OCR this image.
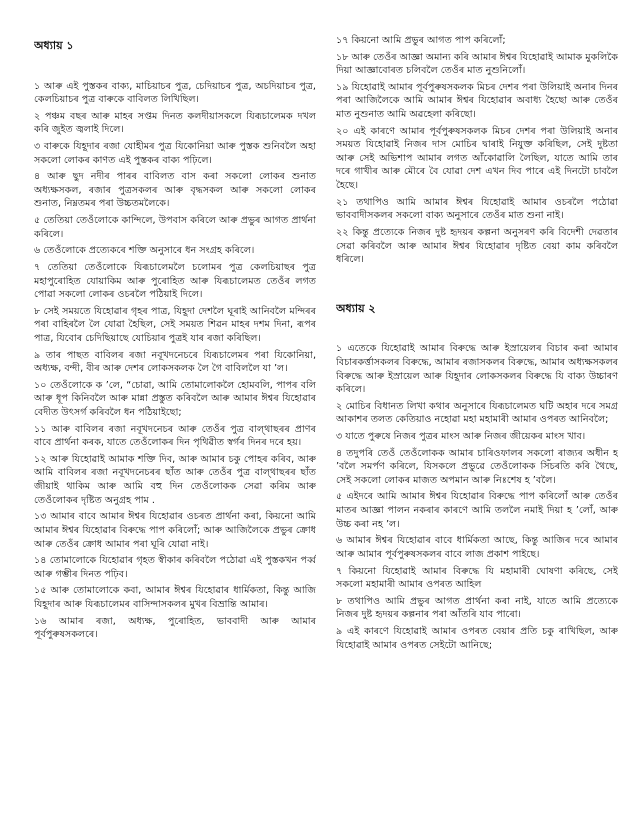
অধ্যায় ১

১ আৰু এই পুস্তকৰ বাক্য, মাচিয়াচৰ পুত্ৰ, চেদিয়াচৰ পুত্ৰ, অচদিয়াচৰ পুত্ৰ, কেলচিয়াচৰ পুত্ৰ বাৰুকে বাবিলত লিখিছিল।

২ পঞ্চম বছৰ আৰু মাহৰ সপ্তম দিনত কলদীয়াসকলে যিৰূচালেমক দখল কৰি জুইত জ্বলাই দিলে।

৩ বাৰুকে যিহূদাৰ ৰজা যোহীমৰ পুত্ৰ যিকোনিয়া আৰু পুস্তক শুনিবলৈ অহা সকলো লোকৰ কাণত এই পুস্তকৰ বাক্য পঢ়িলে।

৪ আৰু ছুদ নদীৰ পাৰৰ বাবিলত বাস কৰা সকলো লোকৰ শুনাত অধ্যক্ষসকল, ৰজাৰ পুত্ৰসকলৰ আৰু বৃদ্ধসকল আৰু সকলো লোকৰ শুনাত, নিম্নতমৰ পৰা উচ্চতমলৈকে।

৫ তেতিয়া তেওঁলোকে কান্দিলে, উপবাস কৰিলে আৰু প্ৰভুৰ আগত প্ৰাৰ্থনা কৰিলে।

৬ তেওঁলোকে প্ৰত্যেকৰে শক্তি অনুসাৰে ধন সংগ্ৰহ কৰিলে।

৭ তেতিয়া তেওঁলোকে যিৰূচালেমলৈ চলোমৰ পুত্ৰ কেলচিয়াছৰ পুত্ৰ মহাপুৰোহিত যোয়াকিম আৰু পুৰোহিত আৰু যিৰূচালেমত তেওঁৰ লগত পোৱা সকলো লোকৰ ওচৰলৈ পঠিয়াই দিলে।

৮ সেই সময়তে যিহোৱাৰ গৃহৰ পাত্ৰ, যিহূদা দেশলৈ ঘূৰাই আনিবলৈ মন্দিৰৰ পৰা বাহিৰলৈ লৈ যোৱা হৈছিল, সেই সময়ত শিৱন মাহৰ দশম দিনা, ৰূপৰ পাত্ৰ, যিবোৰ চেদিছিয়াছে যোচিয়াৰ পুত্ৰই যাৰ ৰজা কৰিছিল।

৯ তাৰ পাছত বাবিলৰ ৰজা নবূখদনেচৰে যিৰূচালেমৰ পৰা যিকোনিয়া, অধ্যক্ষ, বন্দী, বীৰ আৰু দেশৰ লোকসকলক লৈ গৈ বাবিললৈ যা ’ল।

১০ তেওঁলোকে ক ’লে, “চোৱা, আমি তোমালোকলৈ হোমবলি, পাপৰ বলি আৰু ধূপ কিনিবলৈ আৰু মান্না প্ৰস্তুত কৰিবলৈ আৰু আমাৰ ঈশ্বৰ যিহোৱাৰ বেদীত উৎসৰ্গ কৰিবলৈ ধন পঠিয়াইছো;

১১ আৰু বাবিলৰ ৰজা নবূখদনেচৰ আৰু তেওঁৰ পুত্ৰ বাল্‌থাছৰৰ প্ৰাণৰ বাবে প্ৰাৰ্থনা কৰক, যাতে তেওঁলোকৰ দিন পৃথিৱীত স্বৰ্গৰ দিনৰ দৰে হয়।

১২ আৰু যিহোৱাই আমাক শক্তি দিব, আৰু আমাৰ চকু পোহৰ কৰিব, আৰু আমি বাবিলৰ ৰজা নবূখদনেচৰৰ ছাঁত আৰু তেওঁৰ পুত্ৰ বাল্‌থাছৰৰ ছাঁত জীয়াই থাকিম আৰু আমি বহু দিন তেওঁলোকক সেৱা কৰিম আৰু তেওঁলোকৰ দৃষ্টিত অনুগ্ৰহ পাম .

১৩ আমাৰ বাবে আমাৰ ঈশ্বৰ যিহোৱাৰ ওচৰত প্ৰাৰ্থনা কৰা, কিয়নো আমি আমাৰ ঈশ্বৰ যিহোৱাৰ বিৰুদ্ধে পাপ কৰিলোঁ; আৰু আজিলৈকে প্ৰভুৰ ক্ৰোধ আৰু তেওঁৰ ক্ৰোধ আমাৰ পৰা ঘূৰি যোৱা নাই।

১৪ তোমালোকে যিহোৱাৰ গৃহত স্বীকাৰ কৰিবলৈ পঠোৱা এই পুস্তকখন পৰ্ব্ব আৰু গম্ভীৰ দিনত পঢ়িব।

১৫ আৰু তোমালোকে কবা, আমাৰ ঈশ্বৰ যিহোৱাৰ ধাৰ্মিকতা, কিন্তু আজি যিহূদাৰ আৰু যিৰূচালেমৰ বাসিন্দাসকলৰ মুখৰ বিভ্ৰান্তি আমাৰ।

১৬ আমাৰ ৰজা, অধ্যক্ষ, পুৰোহিত, ভাববাদী আৰু আমাৰ পূৰ্বপুৰুষসকলৰে।

১৭ কিয়নো আমি প্ৰভুৰ আগত পাপ কৰিলোঁ;

১৮ আৰু তেওঁৰ আজ্ঞা অমান্য কৰি আমাৰ ঈশ্বৰ যিহোৱাই আমাক মুকলিকৈ দিয়া আজ্ঞাবোৰত চলিবলৈ তেওঁৰ মাত নুশুনিলোঁ।

১৯ যিহোৱাই আমাৰ পূৰ্বপুৰুষসকলক মিচৰ দেশৰ পৰা উলিয়াই অনাৰ দিনৰ পৰা আজিলৈকে আমি আমাৰ ঈশ্বৰ যিহোৱাৰ অবাধ্য হৈছো আৰু তেওঁৰ মাত নুশুনাত আমি অৱহেলা কৰিছো।

২০ এই কাৰণে আমাৰ পূৰ্বপুৰুষসকলক মিচৰ দেশৰ পৰা উলিয়াই অনাৰ সময়ত যিহোৱাই নিজৰ দাস মোচিৰ দ্বাৰাই নিযুক্ত কৰিছিল, সেই দুষ্টতা আৰু সেই অভিশাপ আমাৰ লগত আঁকোৱালি লৈছিল, যাতে আমি তাৰ দৰে গাখীৰ আৰু মৌৰে বৈ যোৱা দেশ এখন দিব পাৰে এই দিনটো চাবলৈ হৈছে।

২১ তথাপিও আমি আমাৰ ঈশ্বৰ যিহোৱাই আমাৰ ওচৰলৈ পঠোৱা ভাববাদীসকলৰ সকলো বাক্য অনুসাৰে তেওঁৰ মাত শুনা নাই।

২২ কিন্তু প্ৰত্যেকে নিজৰ দুষ্ট হৃদয়ৰ কল্পনা অনুসৰণ কৰি বিদেশী দেৱতাৰ সেৱা কৰিবলৈ আৰু আমাৰ ঈশ্বৰ যিহোৱাৰ দৃষ্টিত বেয়া কাম কৰিবলৈ ধৰিলে।

অধ্যায় ২

১ এতেকে যিহোৱাই আমাৰ বিৰুদ্ধে আৰু ইস্ৰায়েলৰ বিচাৰ কৰা আমাৰ বিচাৰকৰ্ত্তাসকলৰ বিৰুদ্ধে, আমাৰ ৰজাসকলৰ বিৰুদ্ধে, আমাৰ অধ্যক্ষসকলৰ বিৰুদ্ধে আৰু ইস্ৰায়েল আৰু যিহূদাৰ লোকসকলৰ বিৰুদ্ধে যি বাক্য উচ্চাৰণ কৰিলে।

২ মোচিৰ বিধানত লিখা কথাৰ অনুসাৰে যিৰূচালেমত ঘটি অহাৰ দৰে সমগ্ৰ আকাশৰ তলত কেতিয়াও নহোৱা মহা মহামাৰী আমাৰ ওপৰত আনিবলৈ;

৩ যাতে পুৰুষে নিজৰ পুত্ৰৰ মাংস আৰু নিজৰ জীয়েকৰ মাংস খাব।

৪ তদুপৰি তেওঁ তেওঁলোকক আমাৰ চাৰিওফালৰ সকলো ৰাজ্যৰ অধীন হ ’বলৈ সমৰ্পণ কৰিলে, যিসকলে প্ৰভুৱে তেওঁলোকক সিঁচৰতি কৰি থৈছে, সেই সকলো লোকৰ মাজত অপমান আৰু নিঃশেষ হ ’বলৈ।

৫ এইদৰে আমি আমাৰ ঈশ্বৰ যিহোৱাৰ বিৰুদ্ধে পাপ কৰিলোঁ আৰু তেওঁৰ মাতৰ আজ্ঞা পালন নকৰাৰ কাৰণে আমি তললৈ নমাই দিয়া হ ’লোঁ, আৰু উচ্চ কৰা নহ ’ল।

৬ আমাৰ ঈশ্বৰ যিহোৱাৰ বাবে ধাৰ্মিকতা আছে, কিন্তু আজিৰ দৰে আমাৰ আৰু আমাৰ পূৰ্বপুৰুষসকলৰ বাবে লাজ প্ৰকাশ পাইছে।

৭ কিয়নো যিহোৱাই আমাৰ বিৰুদ্ধে যি মহামাৰী ঘোষণা কৰিছে, সেই সকলো মহামাৰী আমাৰ ওপৰত আহিল

৮ তথাপিও আমি প্ৰভুৰ আগত প্ৰাৰ্থনা কৰা নাই, যাতে আমি প্ৰত্যেকে নিজৰ দুষ্ট হৃদয়ৰ কল্পনাৰ পৰা আঁতৰি যাব পাৰো।

৯ এই কাৰণে যিহোৱাই আমাৰ ওপৰত বেয়াৰ প্ৰতি চকু ৰাখিছিল, আৰু যিহোৱাই আমাৰ ওপৰত সেইটো আনিছে;
